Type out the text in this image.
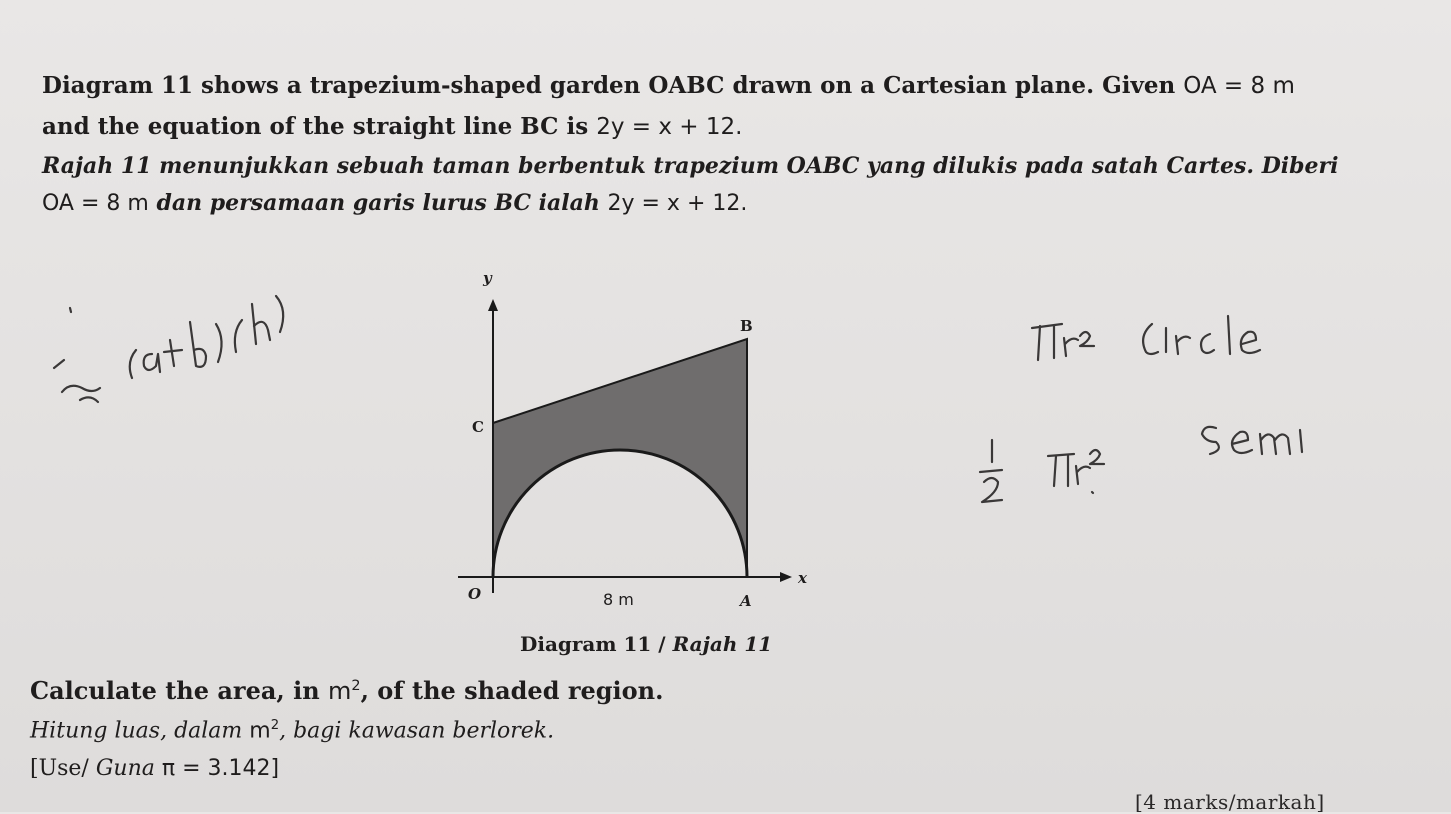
Diagram 11 shows a trapezium-shaped garden OABC drawn on a Cartesian plane. Given OA = 8 m
and the equation of the straight line BC is 2y = x + 12.
Rajah 11 menunjukkan sebuah taman berbentuk trapezium OABC yang dilukis pada satah Cartes. Diberi
OA = 8 m dan persamaan garis lurus BC ialah 2y = x + 12.
y
B
C
x
O	8 m	A
Diagram 11 / Rajah 11
Calculate the area, in $m^2$, of the shaded region.
Hitung luas, dalam $m^2$, bagi kawasan berlorek.
[Use/ Guna π = 3.142]
[4 marks/markah]
